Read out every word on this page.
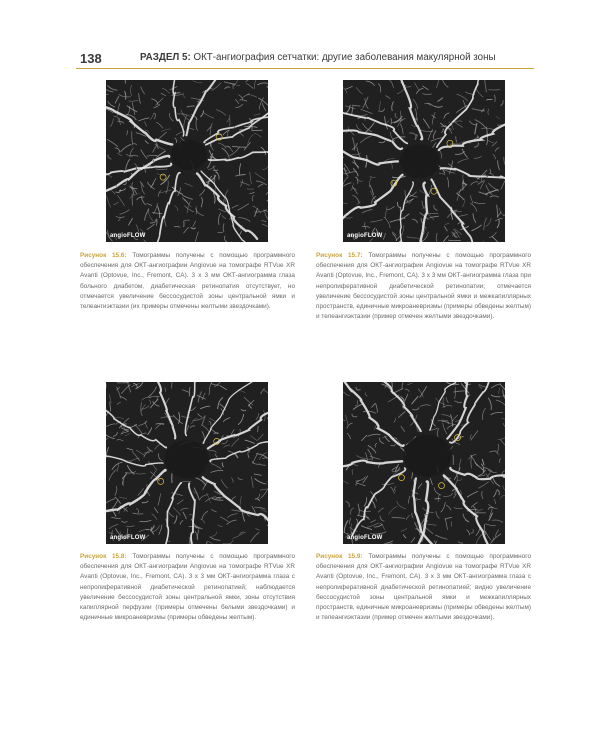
138	РАЗДЕЛ 5: ОКТ-ангиография сетчатки: другие заболевания макулярной зоны
angioFLOW
Рисунок 15.6: Томограммы получены с помощью программного обеспечения для ОКТ-ангиографии Angiovue на томографе RTVue XR Avanti (Optovue, Inc., Fremont, CA). 3 x 3 мм ОКТ-ангиограмма глаза больного диабетом, диабетическая ретинопатия отсутствует, но отмечается увеличение бессосудистой зоны центральной ямки и телеангиэктазии (их примеры отмечены желтыми звездочками).
angioFLOW
Рисунок 15.7: Томограммы получены с помощью программного обеспечения для ОКТ-ангиографии Angiovue на томографе RTVue XR Avanti (Optovue, Inc., Fremont, CA). 3 x 3 мм ОКТ-ангиограмма глаза при непролиферативной диабетической ретинопатии; отмечается увеличение бессосудистой зоны центральной ямки и межкапиллярных пространств, единичные микроаневризмы (примеры обведены желтым) и телеангиэктазии (пример отмечен желтыми звездочками).
angioFLOW
Рисунок 15.8: Томограммы получены с помощью программного обеспечения для ОКТ-ангиографии Angiovue на томографе RTVue XR Avanti (Optovue, Inc., Fremont, CA). 3 x 3 мм ОКТ-ангиограмма глаза с непролиферативной диабетической ретинопатией; наблюдается увеличение бессосудистой зоны центральной ямки, зоны отсутствия капиллярной перфузии (примеры отмечены белыми звездочками) и единичные микроаневризмы (примеры обведены желтым).
angioFLOW
Рисунок 15.9: Томограммы получены с помощью программного обеспечения для ОКТ-ангиографии Angiovue на томографе RTVue XR Avanti (Optovue, Inc., Fremont, CA). 3 x 3 мм ОКТ-ангиограмма глаза с непролиферативной диабетической ретинопатией; видно увеличение бессосудистой зоны центральной ямки и межкапиллярных пространств, единичные микроаневризмы (примеры обведены желтым) и телеангиэктазии (пример отмечен желтыми звездочками).
